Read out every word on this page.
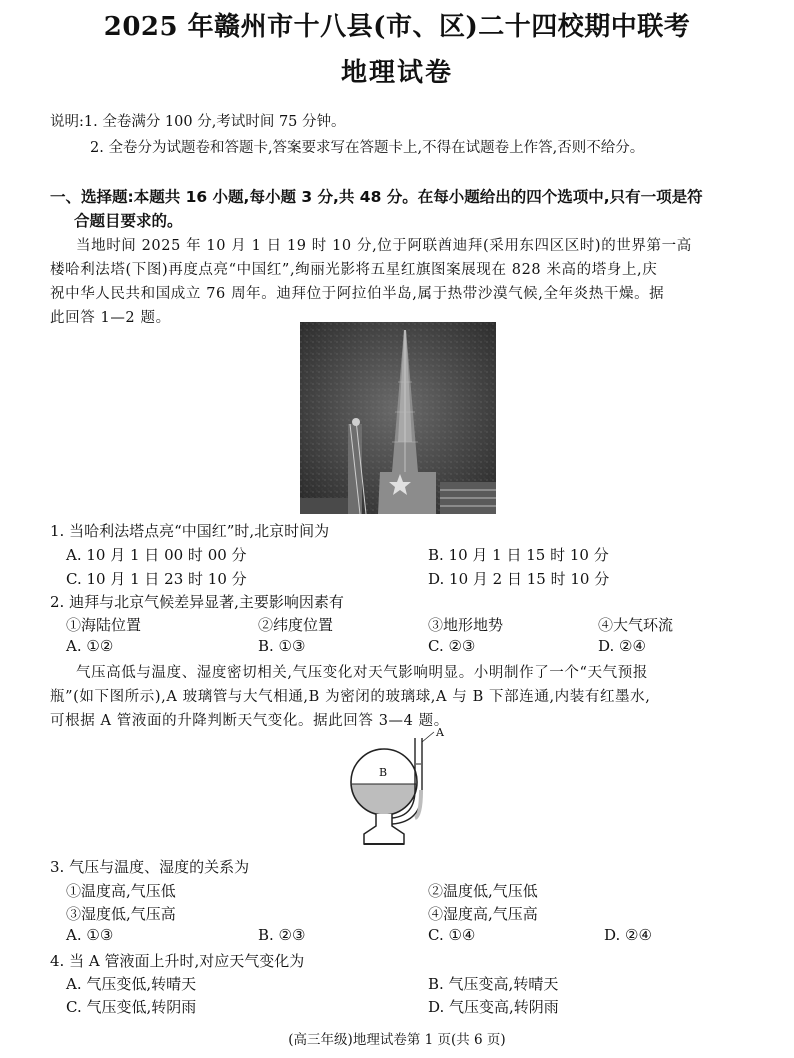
2025 年赣州市十八县(市、区)二十四校期中联考
地理试卷
说明:1. 全卷满分 100 分,考试时间 75 分钟。
2. 全卷分为试题卷和答题卡,答案要求写在答题卡上,不得在试题卷上作答,否则不给分。
一、选择题:本题共 16 小题,每小题 3 分,共 48 分。在每小题给出的四个选项中,只有一项是符
合题目要求的。
当地时间 2025 年 10 月 1 日 19 时 10 分,位于阿联酋迪拜(采用东四区区时)的世界第一高
楼哈利法塔(下图)再度点亮“中国红”,绚丽光影将五星红旗图案展现在 828 米高的塔身上,庆
祝中华人民共和国成立 76 周年。迪拜位于阿拉伯半岛,属于热带沙漠气候,全年炎热干燥。据
此回答 1—2 题。
1. 当哈利法塔点亮“中国红”时,北京时间为
A. 10 月 1 日 00 时 00 分	B. 10 月 1 日 15 时 10 分
C. 10 月 1 日 23 时 10 分	D. 10 月 2 日 15 时 10 分
2. 迪拜与北京气候差异显著,主要影响因素有
①海陆位置	②纬度位置	③地形地势	④大气环流
A. ①②	B. ①③	C. ②③	D. ②④
气压高低与温度、湿度密切相关,气压变化对天气影响明显。小明制作了一个“天气预报
瓶”(如下图所示),A 玻璃管与大气相通,B 为密闭的玻璃球,A 与 B 下部连通,内装有红墨水,
可根据 A 管液面的升降判断天气变化。据此回答 3—4 题。
A
B
3. 气压与温度、湿度的关系为
①温度高,气压低	②温度低,气压低
③湿度低,气压高	④湿度高,气压高
A. ①③	B. ②③	C. ①④	D. ②④
4. 当 A 管液面上升时,对应天气变化为
A. 气压变低,转晴天	B. 气压变高,转晴天
C. 气压变低,转阴雨	D. 气压变高,转阴雨
(高三年级)地理试卷第 1 页(共 6 页)
